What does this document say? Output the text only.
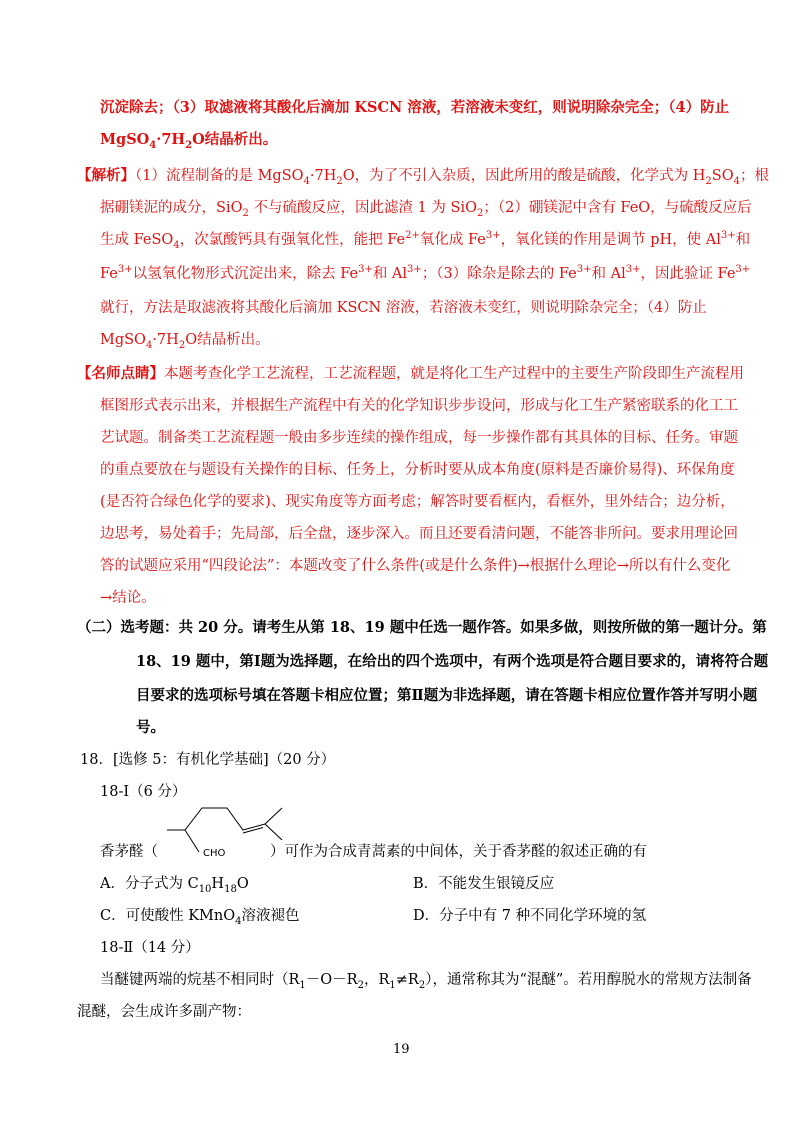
沉淀除去；（3）取滤液将其酸化后滴加 KSCN 溶液，若溶液未变红，则说明除杂完全；（4）防止
$MgSO_4\cdot 7H_2O$结晶析出。
【解析】（1）流程制备的是 $MgSO_4\cdot 7H_2O$，为了不引入杂质，因此所用的酸是硫酸，化学式为 $H_2SO_4$；根
据硼镁泥的成分，SiO$_2$ 不与硫酸反应，因此滤渣 1 为 SiO$_2$；（2）硼镁泥中含有 FeO，与硫酸反应后
生成 FeSO$_4$，次氯酸钙具有强氧化性，能把 $Fe^{2+}$氧化成 $Fe^{3+}$，氧化镁的作用是调节 pH，使 $Al^{3+}$和
$Fe^{3+}$以氢氧化物形式沉淀出来，除去 $Fe^{3+}$和 $Al^{3+}$；（3）除杂是除去的 $Fe^{3+}$和 $Al^{3+}$，因此验证 $Fe^{3+}$
就行，方法是取滤液将其酸化后滴加 KSCN 溶液，若溶液未变红，则说明除杂完全；（4）防止
$MgSO_4\cdot 7H_2O$结晶析出。
【名师点睛】本题考查化学工艺流程，工艺流程题，就是将化工生产过程中的主要生产阶段即生产流程用
框图形式表示出来，并根据生产流程中有关的化学知识步步设问，形成与化工生产紧密联系的化工工
艺试题。制备类工艺流程题一般由多步连续的操作组成，每一步操作都有其具体的目标、任务。审题
的重点要放在与题设有关操作的目标、任务上，分析时要从成本角度(原料是否廉价易得)、环保角度
(是否符合绿色化学的要求)、现实角度等方面考虑；解答时要看框内，看框外，里外结合；边分析，
边思考，易处着手；先局部，后全盘，逐步深入。而且还要看清问题，不能答非所问。要求用理论回
答的试题应采用“四段论法”：本题改变了什么条件(或是什么条件)→根据什么理论→所以有什么变化
→结论。
（二）选考题：共 20 分。请考生从第 18、19 题中任选一题作答。如果多做，则按所做的第一题计分。第
18、19 题中，第Ⅰ题为选择题，在给出的四个选项中，有两个选项是符合题目要求的，请将符合题
目要求的选项标号填在答题卡相应位置；第Ⅱ题为非选择题，请在答题卡相应位置作答并写明小题
号。
18．[选修 5：有机化学基础]（20 分）
18-Ⅰ（6 分）
CHO
香茅醛（	）可作为合成青蒿素的中间体，关于香茅醛的叙述正确的有
A．分子式为 $C_{10}H_{18}O$	B．不能发生银镜反应
C．可使酸性 KMnO$_4$溶液褪色	D．分子中有 7 种不同化学环境的氢
18-Ⅱ（14 分）
当醚键两端的烷基不相同时（$R_1-O-R_2$，$R_1\ne R_2$），通常称其为“混醚”。若用醇脱水的常规方法制备
混醚，会生成许多副产物：
19
